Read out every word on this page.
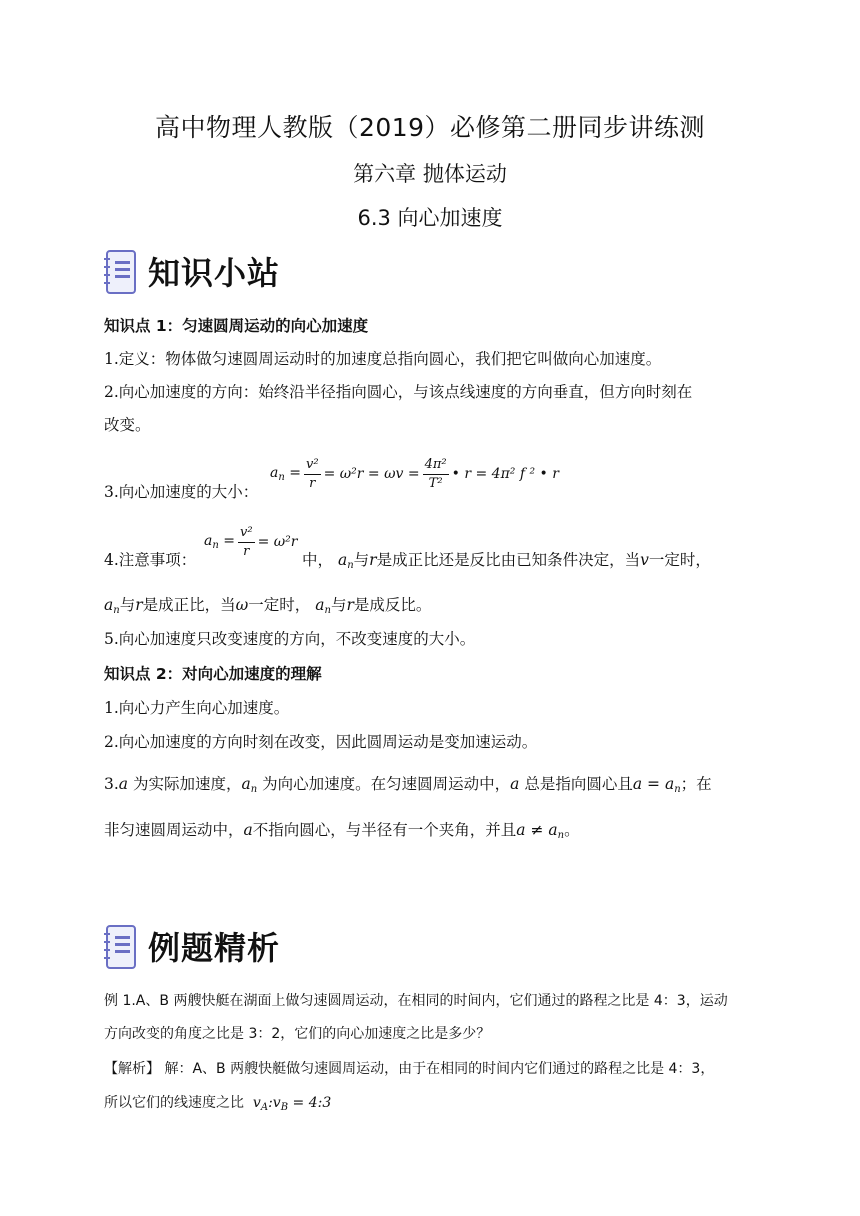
高中物理人教版（2019）必修第二册同步讲练测
第六章 抛体运动
6.3 向心加速度
知识小站
知识点 1：匀速圆周运动的向心加速度
1.定义：物体做匀速圆周运动时的加速度总指向圆心，我们把它叫做向心加速度。
2.向心加速度的方向：始终沿半径指向圆心，与该点线速度的方向垂直，但方向时刻在
改变。
3.向心加速度的大小：
$a_n = \frac{\text{v²}}{r} = \omega^2r = \omega v = \frac{\text{4π²}}{\text{T²}}$ • r = 4π² f ² • r
4.注意事项：
$a_n = \frac{\text{v²}}{r} = \omega^2r$
中， $a_n$与r是成正比还是反比由已知条件决定，当v一定时，
$a_n$与r是成正比，当ω一定时， $a_n$与r是成反比。
5.向心加速度只改变速度的方向，不改变速度的大小。
知识点 2：对向心加速度的理解
1.向心力产生向心加速度。
2.向心加速度的方向时刻在改变，因此圆周运动是变加速运动。
3.a 为实际加速度，$a_n$ 为向心加速度。在匀速圆周运动中，a 总是指向圆心且$a = a_n$；在
非匀速圆周运动中，a不指向圆心，与半径有一个夹角，并且$a \ne a_n$。
例题精析
例 1.A、B 两艘快艇在湖面上做匀速圆周运动，在相同的时间内，它们通过的路程之比是 4：3，运动
方向改变的角度之比是 3：2，它们的向心加速度之比是多少？
【解析】 解：A、B 两艘快艇做匀速圆周运动，由于在相同的时间内它们通过的路程之比是 4：3，
所以它们的线速度之比 $v_A:v_B$ = 4:3
